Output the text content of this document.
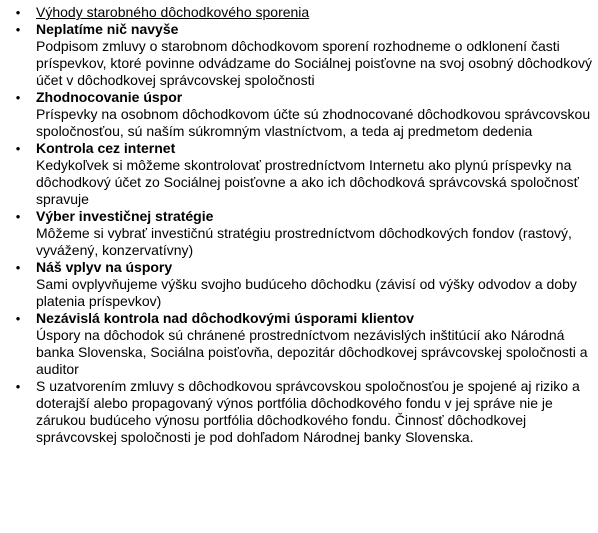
• Výhody starobného dôchodkového sporenia
• Neplatíme nič navyše
Podpisom zmluvy o starobnom dôchodkovom sporení rozhodneme o odklonení časti príspevkov, ktoré povinne odvádzame do Sociálnej poisťovne na svoj osobný dôchodkový účet v dôchodkovej správcovskej spoločnosti
• Zhodnocovanie úspor
Príspevky na osobnom dôchodkovom účte sú zhodnocované dôchodkovou správcovskou spoločnosťou, sú naším súkromným vlastníctvom, a teda aj predmetom dedenia
• Kontrola cez internet
Kedykoľvek si môžeme skontrolovať prostredníctvom Internetu ako plynú príspevky na dôchodkový účet zo Sociálnej poisťovne a ako ich dôchodková správcovská spoločnosť spravuje
• Výber investičnej stratégie
Môžeme si vybrať investičnú stratégiu prostredníctvom dôchodkových fondov (rastový, vyvážený, konzervatívny)
• Náš vplyv na úspory
Sami ovplyvňujeme výšku svojho budúceho dôchodku (závisí od výšky odvodov a doby platenia príspevkov)
• Nezávislá kontrola nad dôchodkovými úsporami klientov
Úspory na dôchodok sú chránené prostredníctvom nezávislých inštitúcií ako Národná banka Slovenska, Sociálna poisťovňa, depozitár dôchodkovej správcovskej spoločnosti a auditor
• S uzatvorením zmluvy s dôchodkovou správcovskou spoločnosťou je spojené aj riziko a doterajší alebo propagovaný výnos portfólia dôchodkového fondu v jej správe nie je zárukou budúceho výnosu portfólia dôchodkového fondu. Činnosť dôchodkovej správcovskej spoločnosti je pod dohľadom Národnej banky Slovenska.
